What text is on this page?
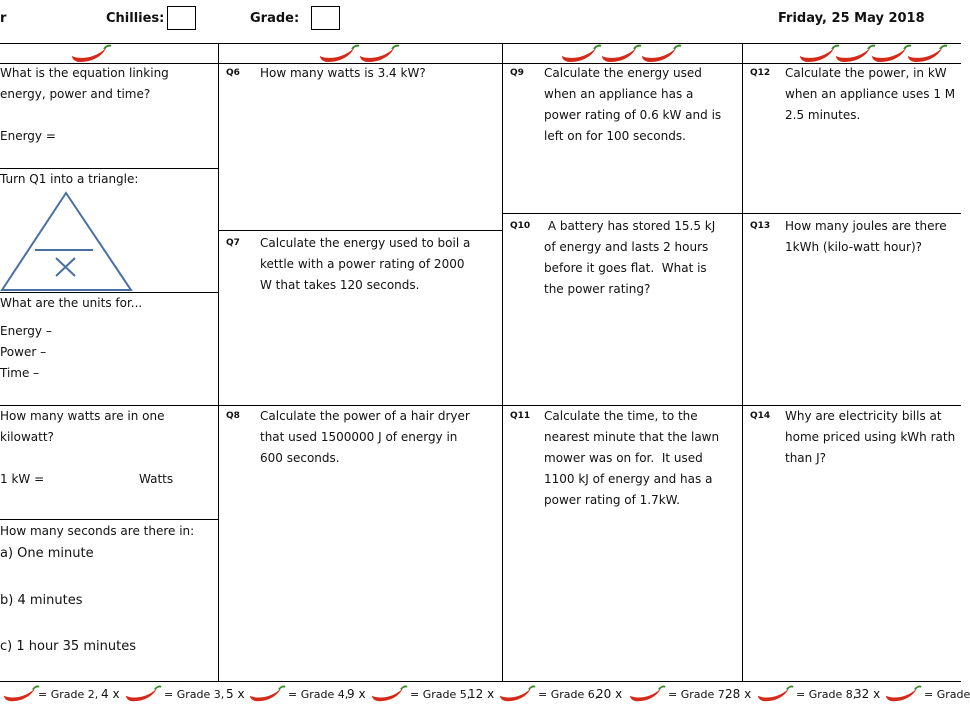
r	Chillies:	Grade:	Friday, 25 May 2018
What is the equation linking
energy, power and time?
Energy =
Turn Q1 into a triangle:
What are the units for...
Energy –
Power –
Time –
How many watts are in one
kilowatt?
1 kW =	Watts
How many seconds are there in:
a) One minute
b) 4 minutes
c) 1 hour 35 minutes
Q6 How many watts is 3.4 kW?
Q7 Calculate the energy used to boil a
kettle with a power rating of 2000
W that takes 120 seconds.
Q8 Calculate the power of a hair dryer
that used 1500000 J of energy in
600 seconds.
Q9 Calculate the energy used
when an appliance has a
power rating of 0.6 kW and is
left on for 100 seconds.
Q10 A battery has stored 15.5 kJ
of energy and lasts 2 hours
before it goes flat.  What is
the power rating?
Q11 Calculate the time, to the
nearest minute that the lawn
mower was on for.  It used
1100 kJ of energy and has a
power rating of 1.7kW.
Q12 Calculate the power, in kW
when an appliance uses 1 M
2.5 minutes.
Q13 How many joules are there
1kWh (kilo-watt hour)?
Q14 Why are electricity bills at
home priced using kWh rath
than J?
= Grade 2, 4 x	= Grade 3, 5 x	= Grade 4,
9 x	= Grade 5,
12 x	= Grade 6,
20 x	= Grade 7,
28 x	= Grade 8,
32 x	= Grade
